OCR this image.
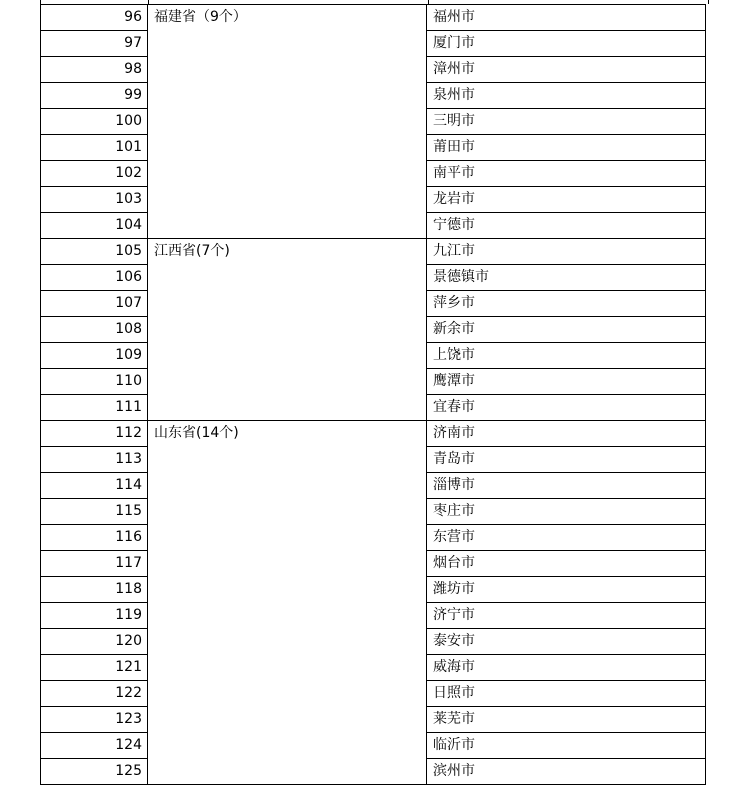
96	福建省（9个）	福州市
97		厦门市
98		漳州市
99		泉州市
100		三明市
101		莆田市
102		南平市
103		龙岩市
104		宁德市
105	江西省(7个)	九江市
106		景德镇市
107		萍乡市
108		新余市
109		上饶市
110		鹰潭市
111		宜春市
112	山东省(14个)	济南市
113		青岛市
114		淄博市
115		枣庄市
116		东营市
117		烟台市
118		潍坊市
119		济宁市
120		泰安市
121		威海市
122		日照市
123		莱芜市
124		临沂市
125		滨州市
